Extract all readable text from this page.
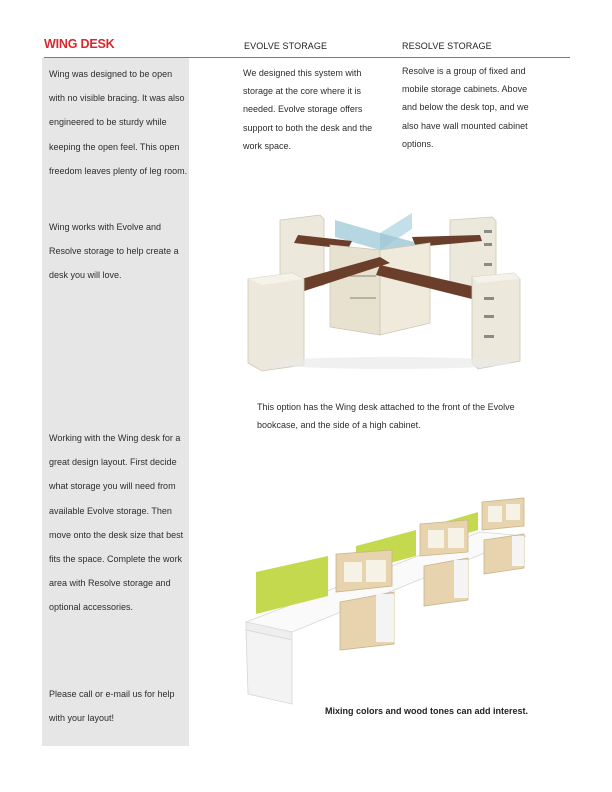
WING DESK	EVOLVE STORAGE	RESOLVE STORAGE

Wing was designed to be open with no visible bracing. It was also engineered to be sturdy while keeping the open feel. This open freedom leaves plenty of leg room.

Wing works with Evolve and Resolve storage to help create a desk you will love.

Working with the Wing desk for a great design layout. First decide what storage you will need from available Evolve storage. Then move onto the desk size that best fits the space. Complete the work area with Resolve storage and optional accessories.

Please call or e-mail us for help with your layout!

We designed this system with storage at the core where it is needed. Evolve storage offers support to both the desk and the work space.

Resolve is a group of fixed and mobile storage cabinets. Above and below the desk top, and we also have wall mounted cabinet options.

This option has the Wing desk attached to the front of the Evolve bookcase, and the side of a high cabinet.

Mixing colors and wood tones can add interest.
